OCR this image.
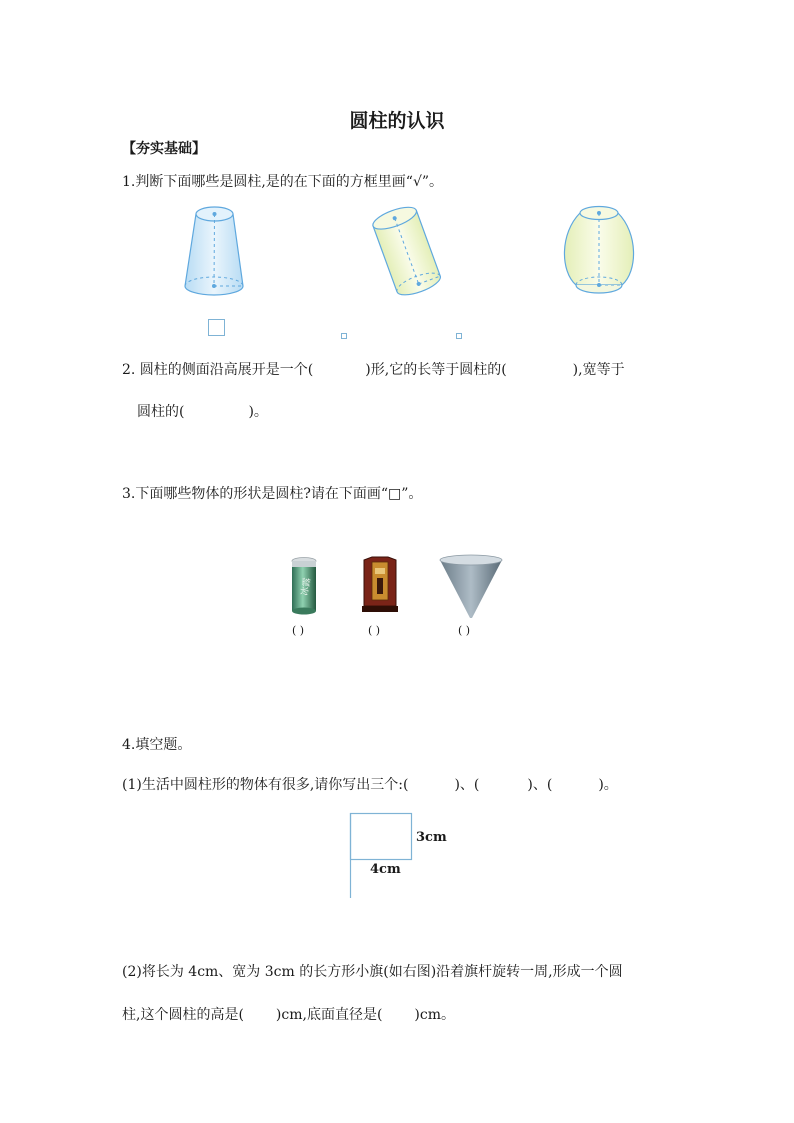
圆柱的认识
【夯实基础】
1.判断下面哪些是圆柱,是的在下面的方框里画“√”。
2. 圆柱的侧面沿高展开是一个(	)形,它的长等于圆柱的(	),宽等于
圆柱的(	)。
3.下面哪些物体的形状是圆柱?请在下面画“□”。
冰露
( )	( )	( )
4.填空题。
(1)生活中圆柱形的物体有很多,请你写出三个:(	)、(	)、(	)。
3cm
4cm
(2)将长为 4cm、宽为 3cm 的长方形小旗(如右图)沿着旗杆旋转一周,形成一个圆
柱,这个圆柱的高是( )cm,底面直径是( )cm。
